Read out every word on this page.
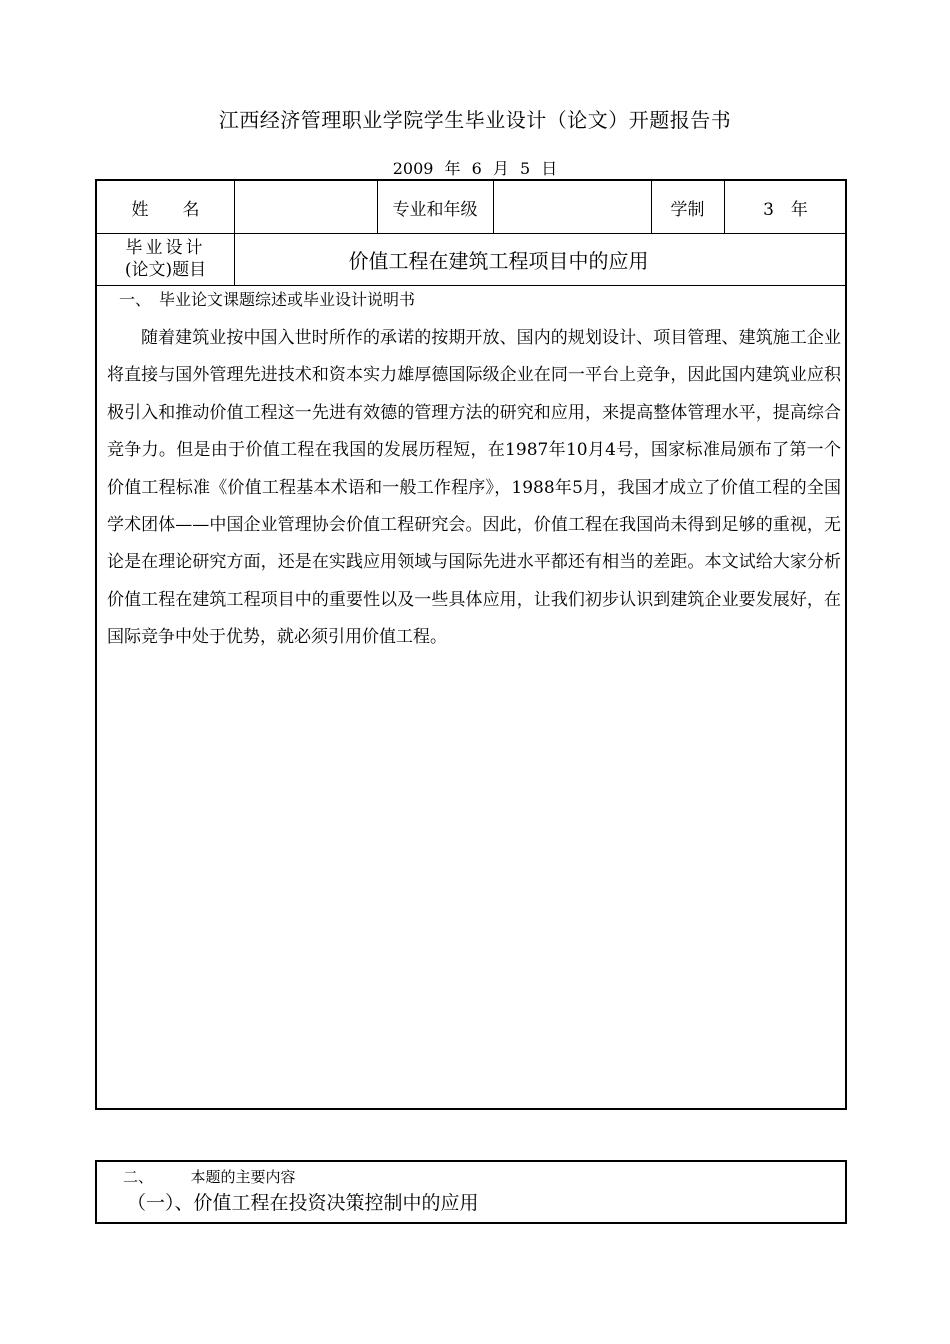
江西经济管理职业学院学生毕业设计（论文）开题报告书
2009 年 6 月 5 日
姓　　名	专业和年级	学制	3　年
毕业设计
(论文)题目	价值工程在建筑工程项目中的应用
一、　毕业论文课题综述或毕业设计说明书
随着建筑业按中国入世时所作的承诺的按期开放、国内的规划设计、项目管理、建筑施工企业将直接与国外管理先进技术和资本实力雄厚德国际级企业在同一平台上竞争，因此国内建筑业应积极引入和推动价值工程这一先进有效德的管理方法的研究和应用，来提高整体管理水平，提高综合竞争力。但是由于价值工程在我国的发展历程短，在1987年10月4号，国家标准局颁布了第一个价值工程标准《价值工程基本术语和一般工作程序》，1988年5月，我国才成立了价值工程的全国学术团体——中国企业管理协会价值工程研究会。因此，价值工程在我国尚未得到足够的重视，无论是在理论研究方面，还是在实践应用领域与国际先进水平都还有相当的差距。本文试给大家分析价值工程在建筑工程项目中的重要性以及一些具体应用，让我们初步认识到建筑企业要发展好，在国际竞争中处于优势，就必须引用价值工程。
二、　　　本题的主要内容
（一）、价值工程在投资决策控制中的应用
